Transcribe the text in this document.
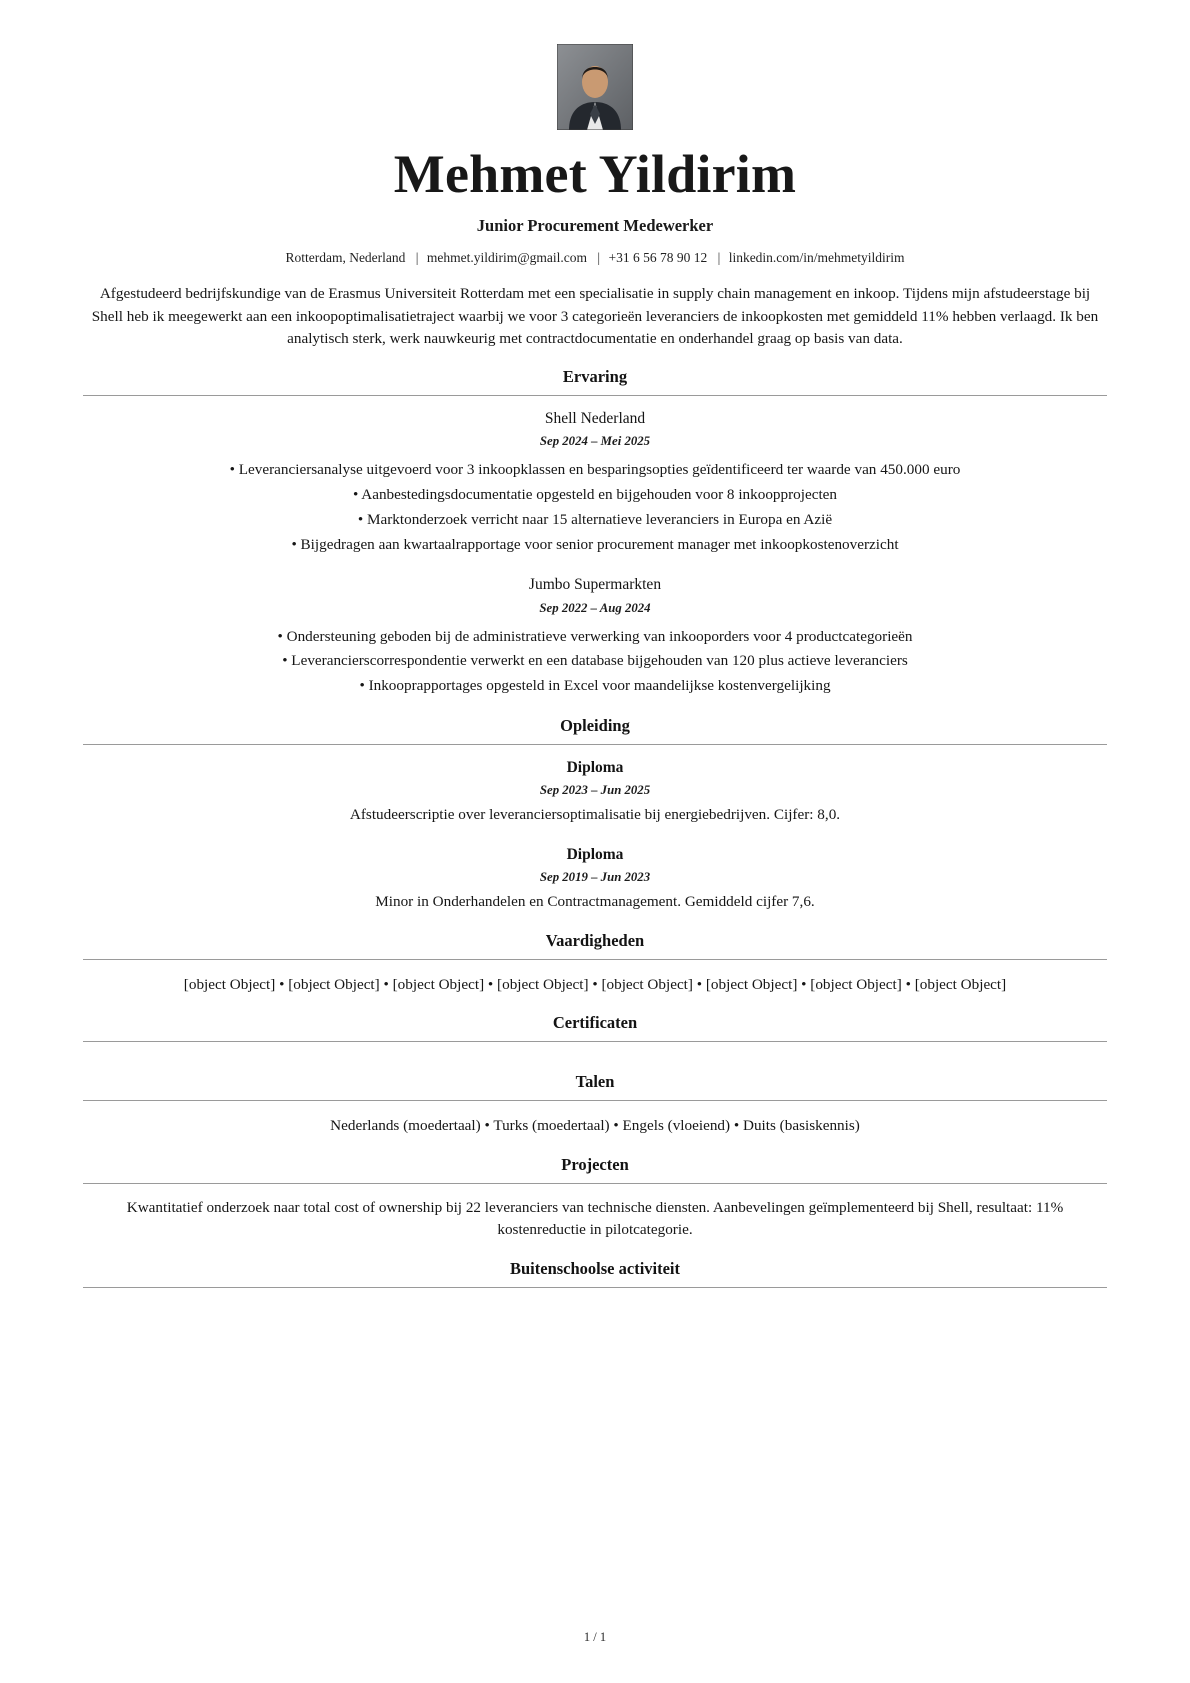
Mehmet Yildirim
Junior Procurement Medewerker
Rotterdam, Nederland | mehmet.yildirim@gmail.com | +31 6 56 78 90 12 | linkedin.com/in/mehmetyildirim
Afgestudeerd bedrijfskundige van de Erasmus Universiteit Rotterdam met een specialisatie in supply chain management en inkoop. Tijdens mijn afstudeerstage bij Shell heb ik meegewerkt aan een inkoopoptimalisatietraject waarbij we voor 3 categorieën leveranciers de inkoopkosten met gemiddeld 11% hebben verlaagd. Ik ben analytisch sterk, werk nauwkeurig met contractdocumentatie en onderhandel graag op basis van data.
Ervaring
Shell Nederland
Sep 2024 – Mei 2025
• Leveranciersanalyse uitgevoerd voor 3 inkoopklassen en besparingsopties geïdentificeerd ter waarde van 450.000 euro
• Aanbestedingsdocumentatie opgesteld en bijgehouden voor 8 inkoopprojecten
• Marktonderzoek verricht naar 15 alternatieve leveranciers in Europa en Azië
• Bijgedragen aan kwartaalrapportage voor senior procurement manager met inkoopkostenoverzicht
Jumbo Supermarkten
Sep 2022 – Aug 2024
• Ondersteuning geboden bij de administratieve verwerking van inkooporders voor 4 productcategorieën
• Leverancierscorrespondentie verwerkt en een database bijgehouden van 120 plus actieve leveranciers
• Inkooprapportages opgesteld in Excel voor maandelijkse kostenvergelijking
Opleiding
Diploma
Sep 2023 – Jun 2025
Afstudeerscriptie over leveranciersoptimalisatie bij energiebedrijven. Cijfer: 8,0.
Diploma
Sep 2019 – Jun 2023
Minor in Onderhandelen en Contractmanagement. Gemiddeld cijfer 7,6.
Vaardigheden
[object Object] • [object Object] • [object Object] • [object Object] • [object Object] • [object Object] • [object Object] • [object Object]
Certificaten
Talen
Nederlands (moedertaal) • Turks (moedertaal) • Engels (vloeiend) • Duits (basiskennis)
Projecten
Kwantitatief onderzoek naar total cost of ownership bij 22 leveranciers van technische diensten. Aanbevelingen geïmplementeerd bij Shell, resultaat: 11% kostenreductie in pilotcategorie.
Buitenschoolse activiteit
1 / 1
